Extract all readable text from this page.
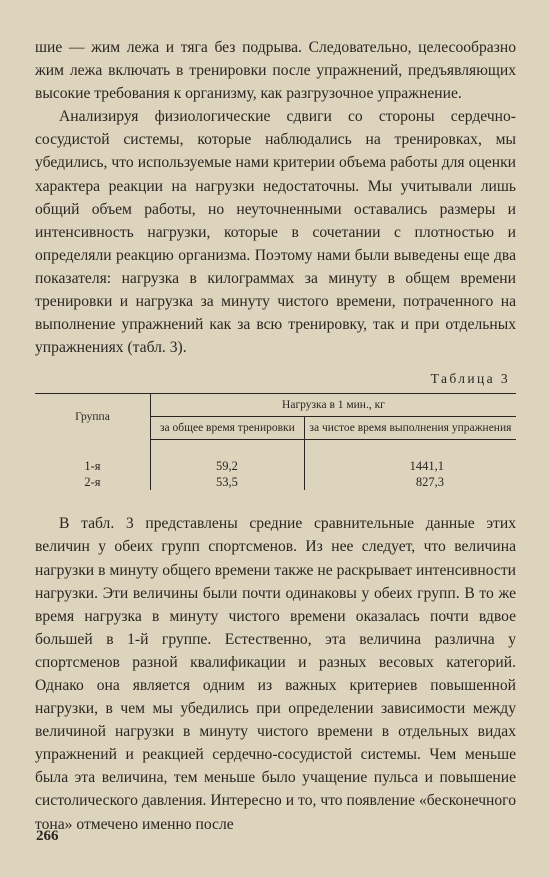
шие — жим лежа и тяга без подрыва. Следовательно, целесообразно жим лежа включать в тренировки после упражнений, предъявляющих высокие требования к организму, как разгрузочное упражнение.

Анализируя физиологические сдвиги со стороны сердечно-сосудистой системы, которые наблюдались на тренировках, мы убедились, что используемые нами критерии объема работы для оценки характера реакции на нагрузки недостаточны. Мы учитывали лишь общий объем работы, но неуточненными оставались размеры и интенсивность нагрузки, которые в сочетании с плотностью и определяли реакцию организма. Поэтому нами были выведены еще два показателя: нагрузка в килограммах за минуту в общем времени тренировки и нагрузка за минуту чистого времени, потраченного на выполнение упражнений как за всю тренировку, так и при отдельных упражнениях (табл. 3).

Таблица 3
Группа	Нагрузка в 1 мин., кг	
	за общее время тренировки	за чистое время выполнения упражнения

1-я	59,2	1441,1
2-я	53,5	827,3

В табл. 3 представлены средние сравнительные данные этих величин у обеих групп спортсменов. Из нее следует, что величина нагрузки в минуту общего времени также не раскрывает интенсивности нагрузки. Эти величины были почти одинаковы у обеих групп. В то же время нагрузка в минуту чистого времени оказалась почти вдвое большей в 1-й группе. Естественно, эта величина различна у спортсменов разной квалификации и разных весовых категорий. Однако она является одним из важных критериев повышенной нагрузки, в чем мы убедились при определении зависимости между величиной нагрузки в минуту чистого времени в отдельных видах упражнений и реакцией сердечно-сосудистой системы. Чем меньше была эта величина, тем меньше было учащение пульса и повышение систолического давления. Интересно и то, что появление «бесконечного тона» отмечено именно после

266
